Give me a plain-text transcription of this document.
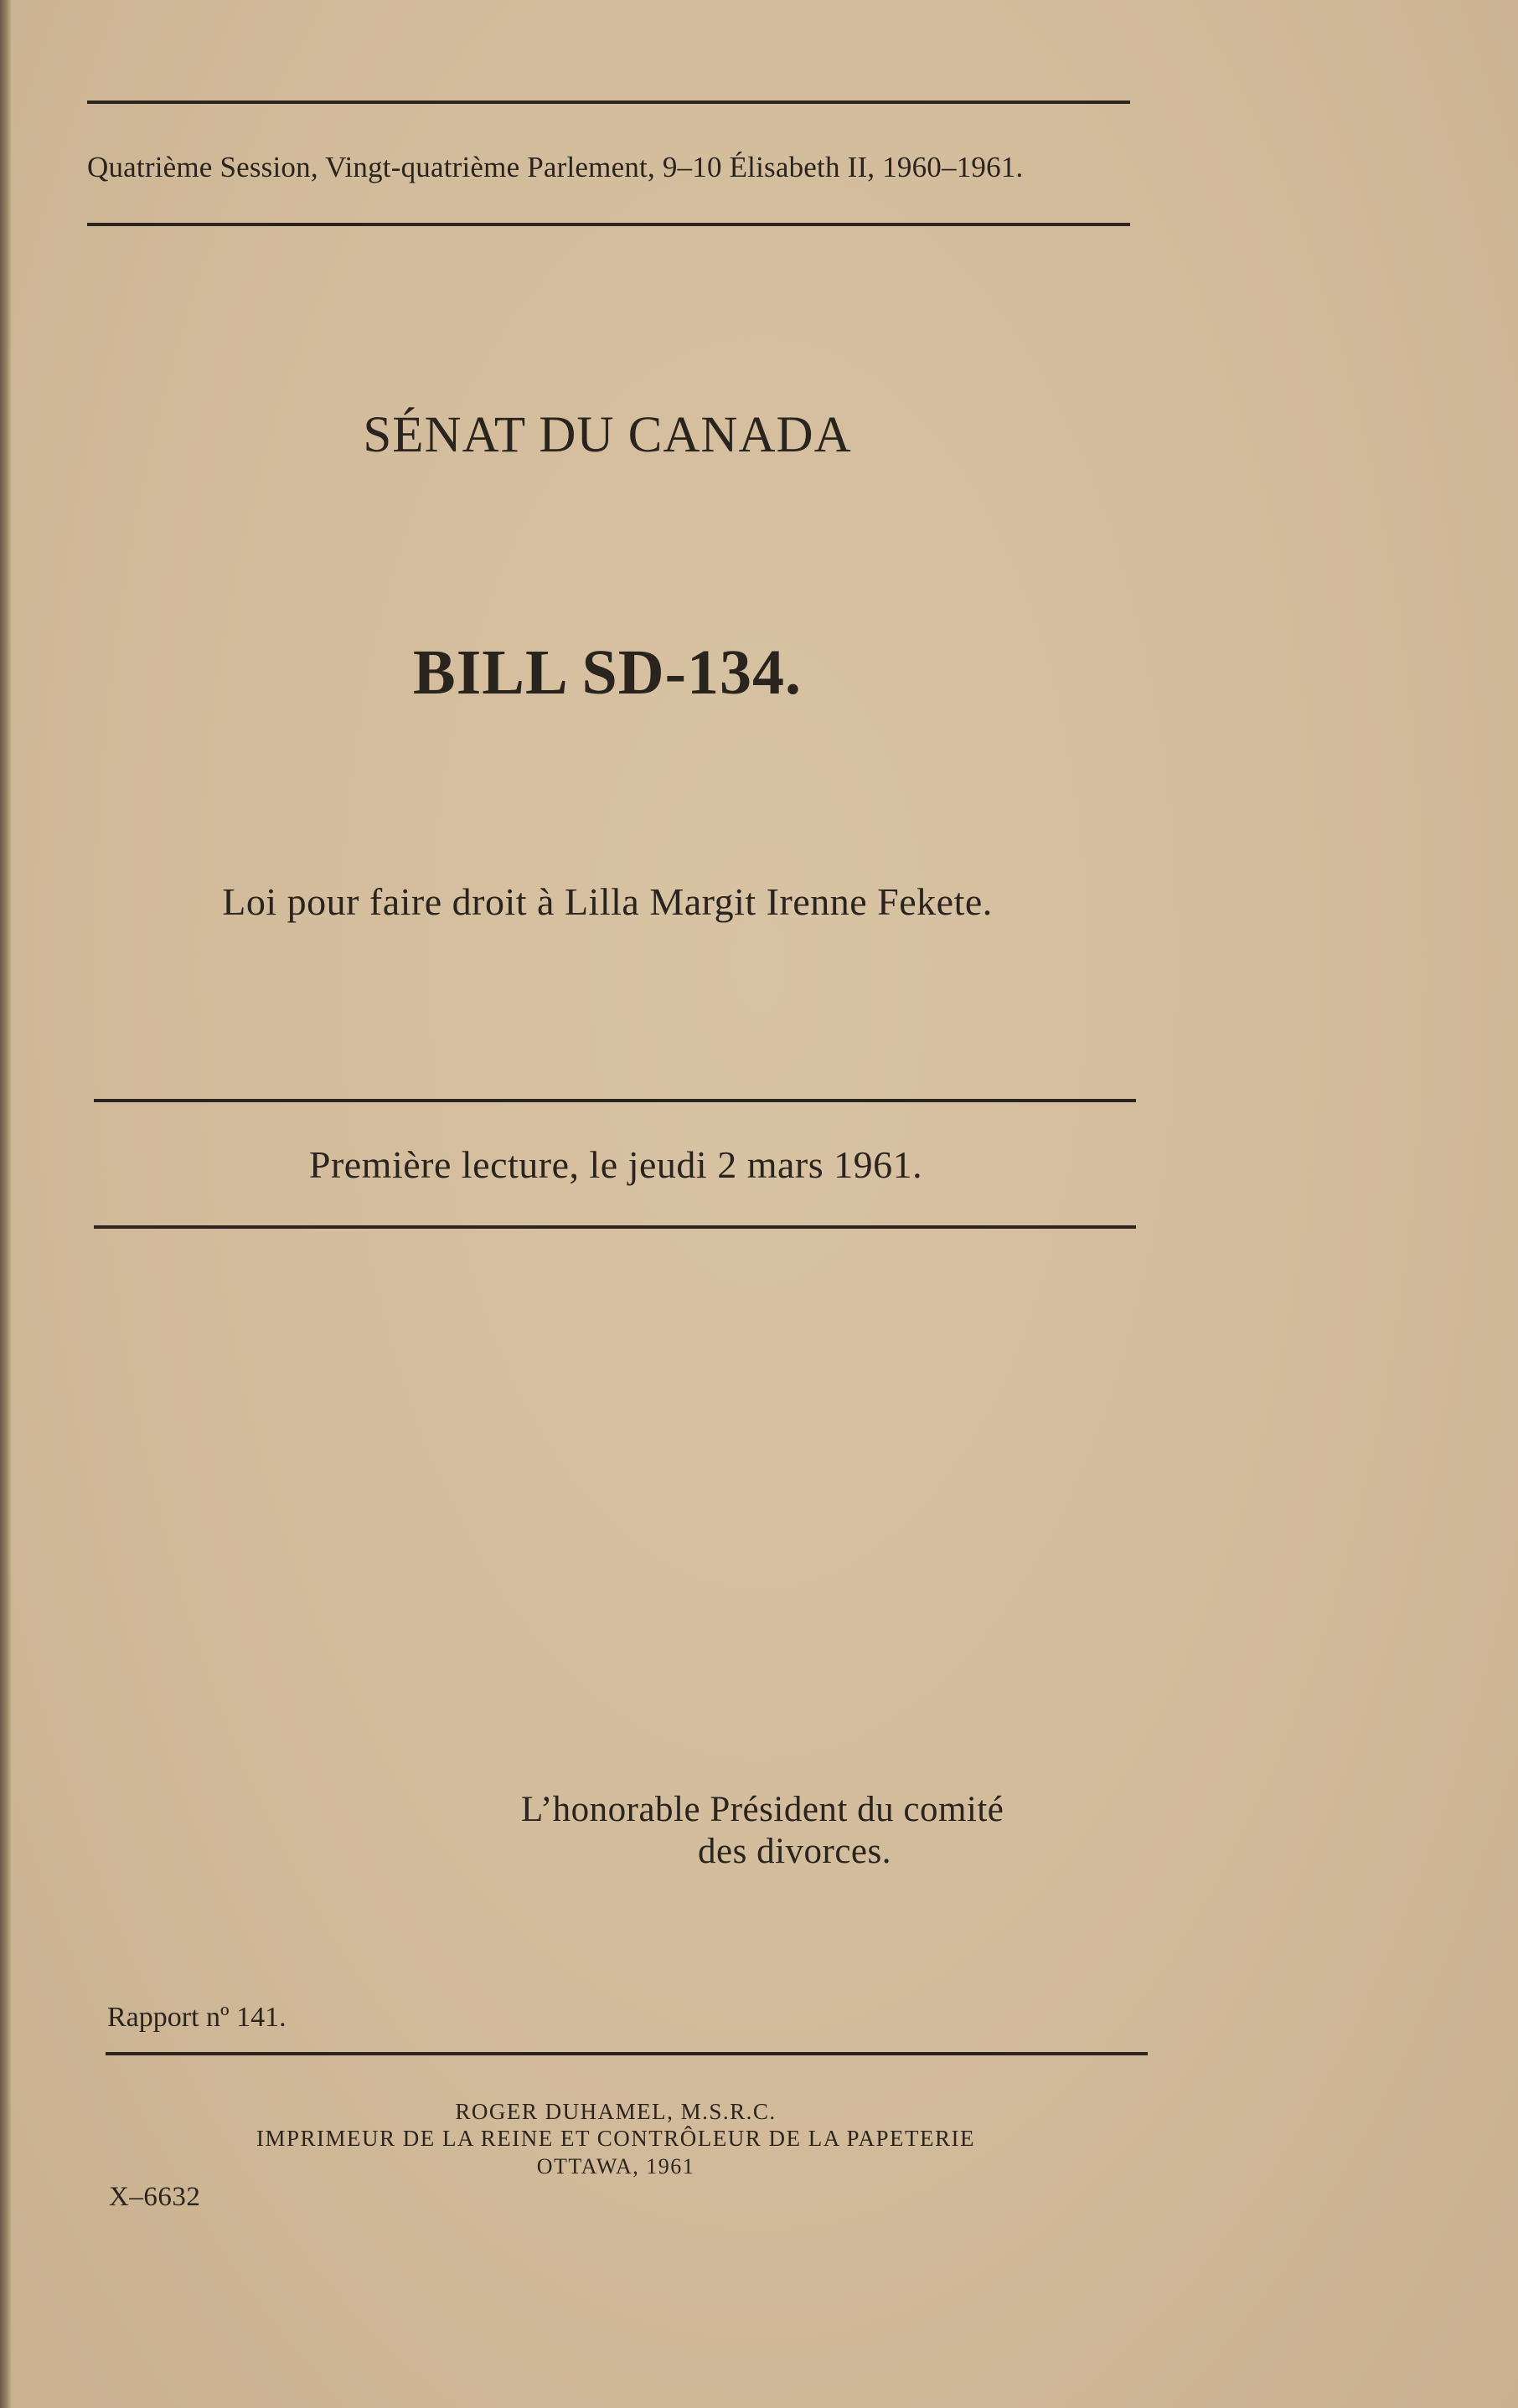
Quatrième Session, Vingt-quatrième Parlement, 9–10 Élisabeth II, 1960–1961.
SÉNAT DU CANADA
BILL SD-134.
Loi pour faire droit à Lilla Margit Irenne Fekete.
Première lecture, le jeudi 2 mars 1961.
L’honorable Président du comité
des divorces.
Rapport nº 141.
ROGER DUHAMEL, M.S.R.C.
IMPRIMEUR DE LA REINE ET CONTRÔLEUR DE LA PAPETERIE
OTTAWA, 1961
X–6632
